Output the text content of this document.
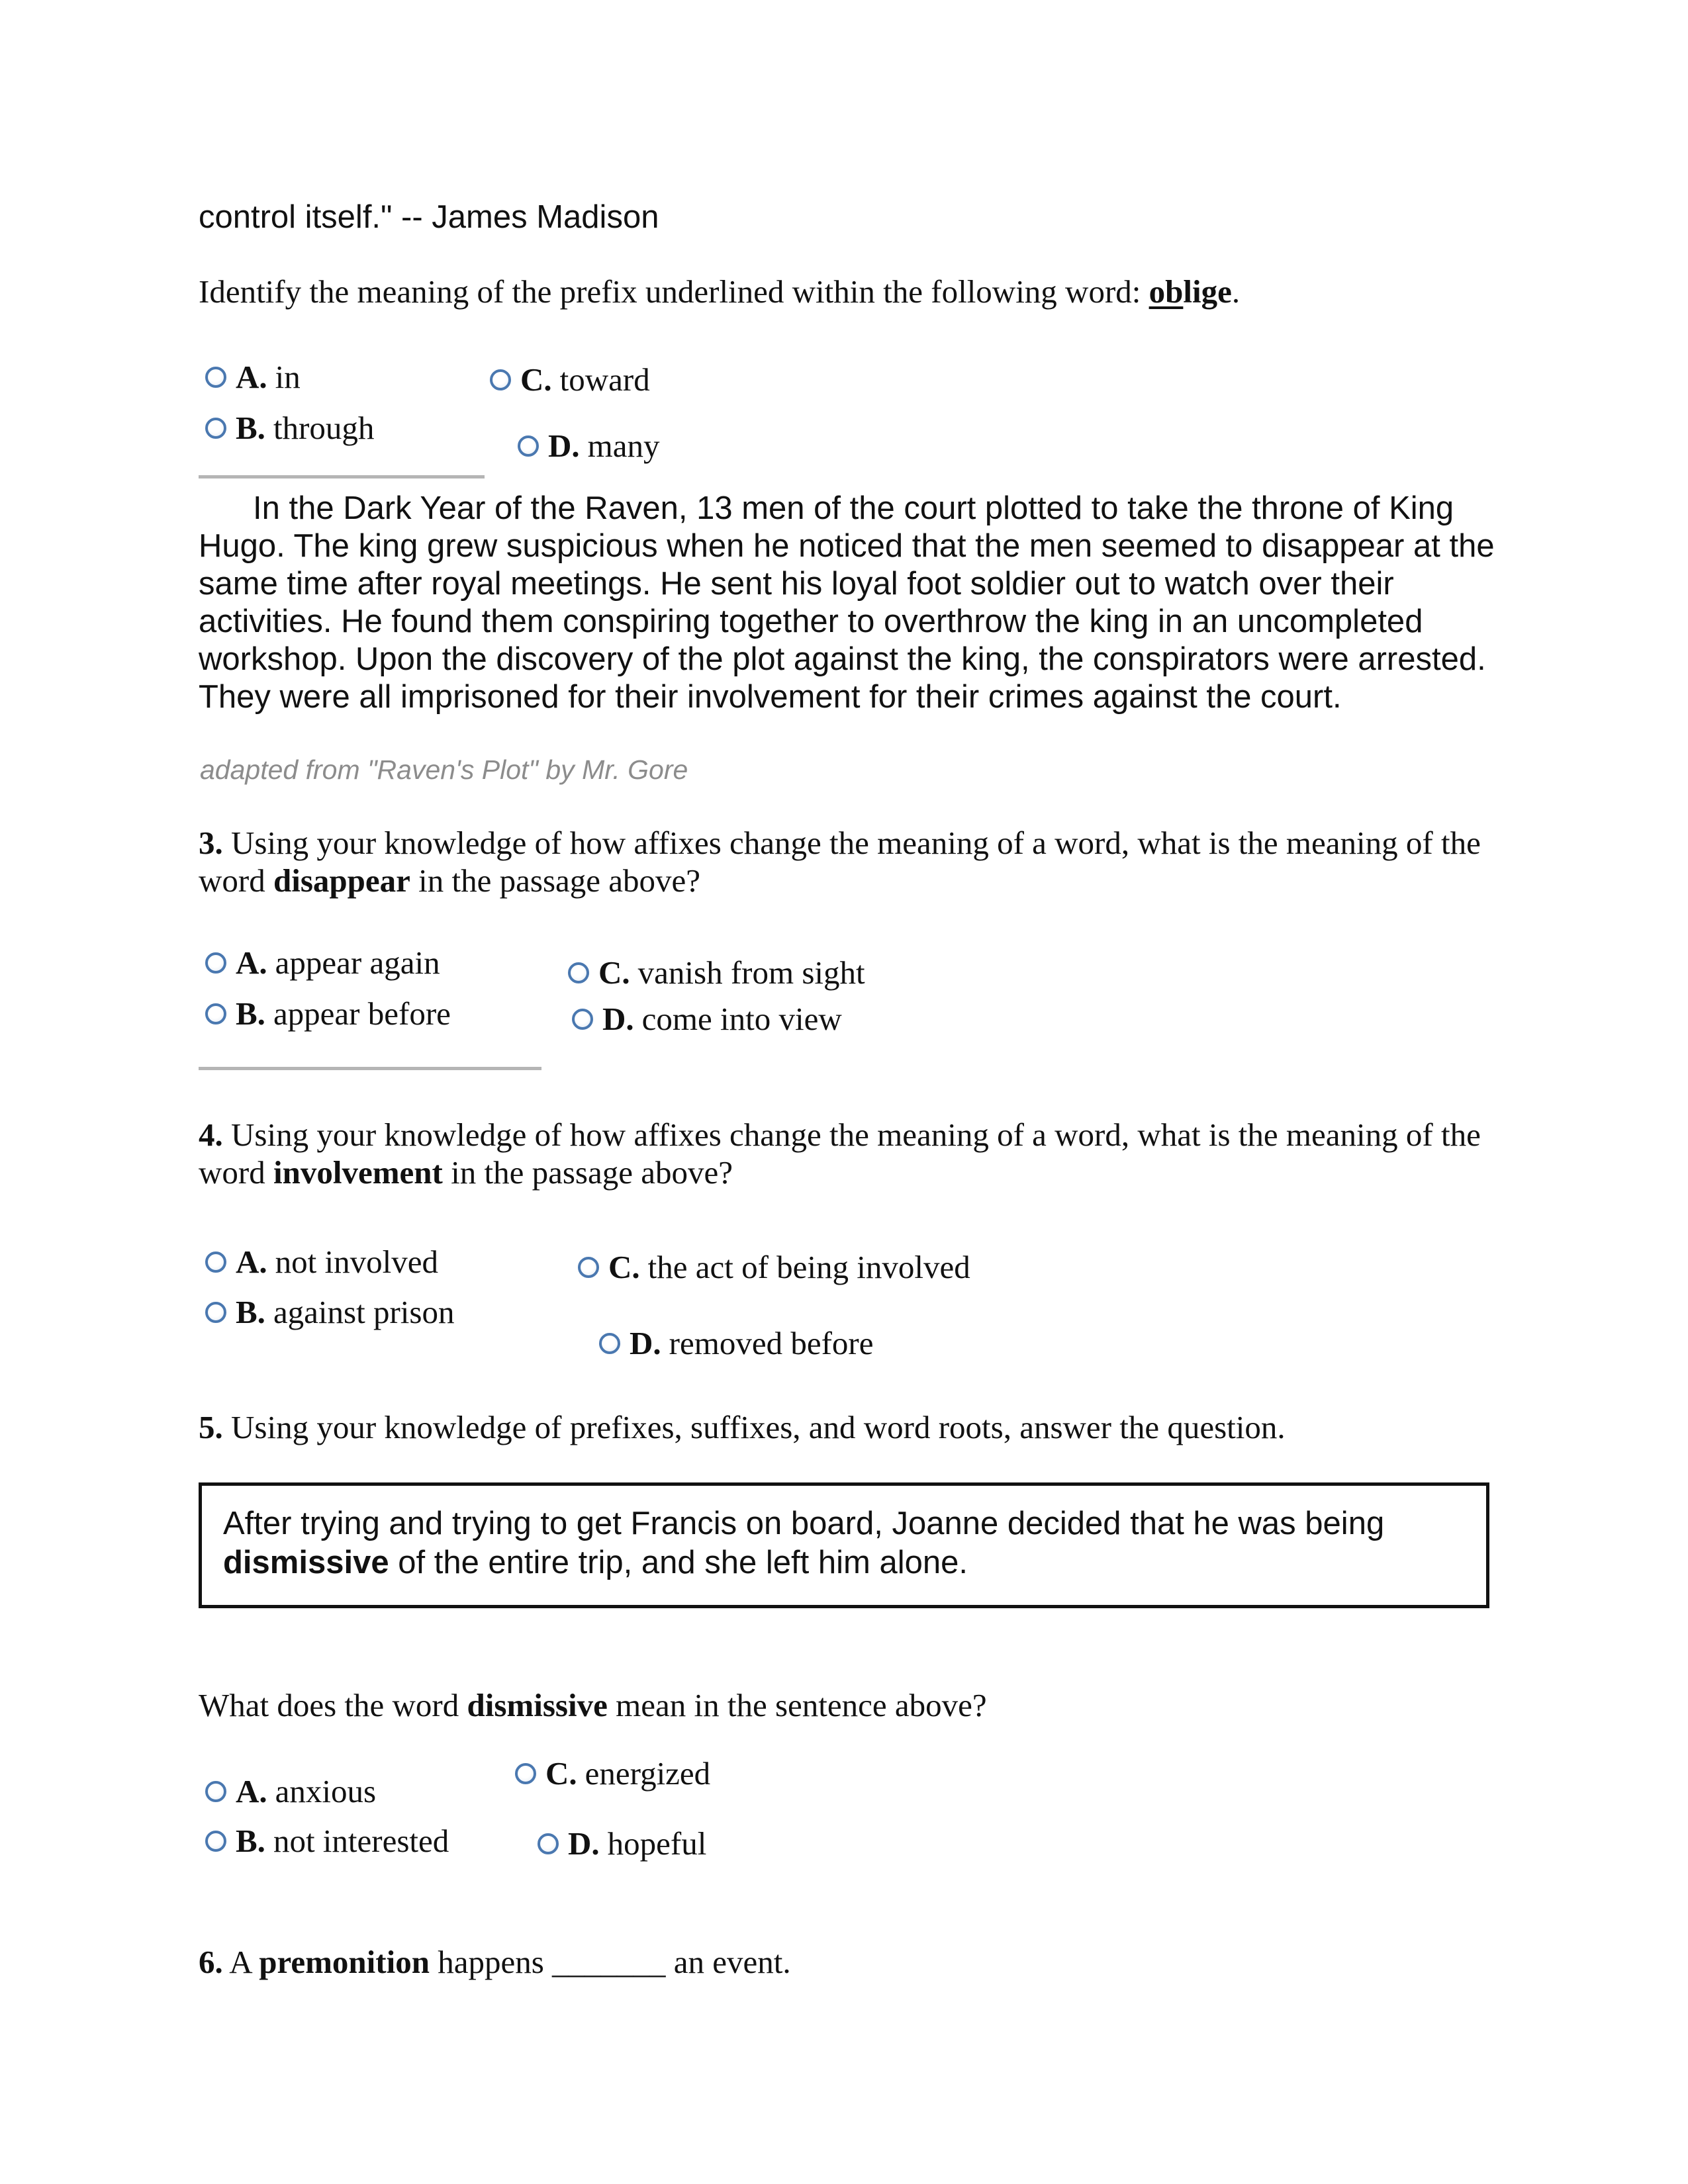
control itself." -- James Madison
Identify the meaning of the prefix underlined within the following word: oblige.
A. in
B. through
C. toward
D. many
In the Dark Year of the Raven, 13 men of the court plotted to take the throne of King Hugo. The king grew suspicious when he noticed that the men seemed to disappear at the same time after royal meetings. He sent his loyal foot soldier out to watch over their activities. He found them conspiring together to overthrow the king in an uncompleted workshop. Upon the discovery of the plot against the king, the conspirators were arrested. They were all imprisoned for their involvement for their crimes against the court.
adapted from "Raven's Plot" by Mr. Gore
3. Using your knowledge of how affixes change the meaning of a word, what is the meaning of the word disappear in the passage above?
A. appear again
B. appear before
C. vanish from sight
D. come into view
4. Using your knowledge of how affixes change the meaning of a word, what is the meaning of the word involvement in the passage above?
A. not involved
B. against prison
C. the act of being involved
D. removed before
5. Using your knowledge of prefixes, suffixes, and word roots, answer the question.
After trying and trying to get Francis on board, Joanne decided that he was being dismissive of the entire trip, and she left him alone.
What does the word dismissive mean in the sentence above?
A. anxious
B. not interested
C. energized
D. hopeful
6. A premonition happens _______ an event.
